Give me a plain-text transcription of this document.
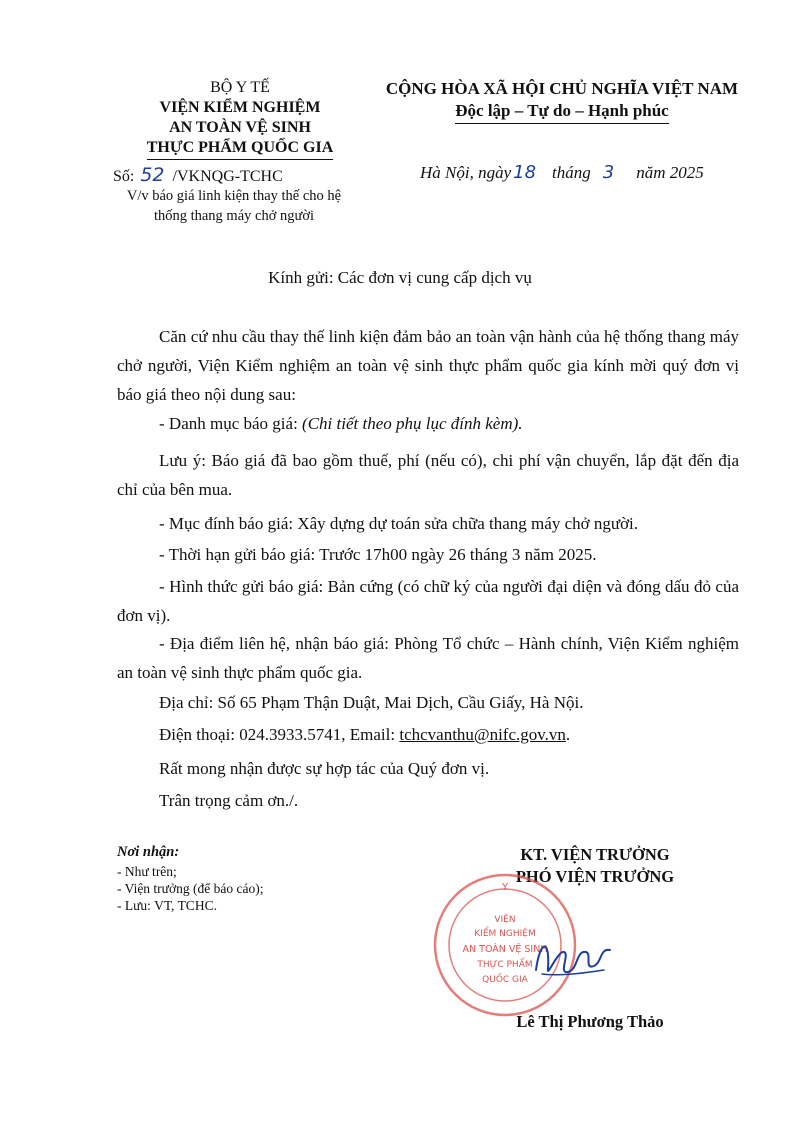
BỘ Y TẾ
VIỆN KIỂM NGHIỆM
AN TOÀN VỆ SINH
THỰC PHẨM QUỐC GIA
CỘNG HÒA XÃ HỘI CHỦ NGHĨA VIỆT NAM
Độc lập – Tự do – Hạnh phúc
Số: 52 /VKNQG-TCHC
V/v báo giá linh kiện thay thế cho hệ
thống thang máy chở người
Hà Nội, ngày 18 tháng 3 năm 2025
Kính gửi: Các đơn vị cung cấp dịch vụ
Căn cứ nhu cầu thay thế linh kiện đảm bảo an toàn vận hành của hệ thống thang máy chở người, Viện Kiểm nghiệm an toàn vệ sinh thực phẩm quốc gia kính mời quý đơn vị báo giá theo nội dung sau:
- Danh mục báo giá: (Chi tiết theo phụ lục đính kèm).
Lưu ý: Báo giá đã bao gồm thuế, phí (nếu có), chi phí vận chuyển, lắp đặt đến địa chỉ của bên mua.
- Mục đính báo giá: Xây dựng dự toán sửa chữa thang máy chở người.
- Thời hạn gửi báo giá: Trước 17h00 ngày 26 tháng 3 năm 2025.
- Hình thức gửi báo giá: Bản cứng (có chữ ký của người đại diện và đóng dấu đỏ của đơn vị).
- Địa điểm liên hệ, nhận báo giá: Phòng Tổ chức – Hành chính, Viện Kiểm nghiệm an toàn vệ sinh thực phẩm quốc gia.
Địa chỉ: Số 65 Phạm Thận Duật, Mai Dịch, Cầu Giấy, Hà Nội.
Điện thoại: 024.3933.5741, Email: tchcvanthu@nifc.gov.vn.
Rất mong nhận được sự hợp tác của Quý đơn vị.
Trân trọng cảm ơn./.
Nơi nhận:
- Như trên;
- Viện trưởng (để báo cáo);
- Lưu: VT, TCHC.
KT. VIỆN TRƯỞNG
PHÓ VIỆN TRƯỞNG
Y
VIỆN
KIỂM NGHIỆM
AN TOÀN VỆ SINH
THỰC PHẨM
QUỐC GIA
Lê Thị Phương Thảo
